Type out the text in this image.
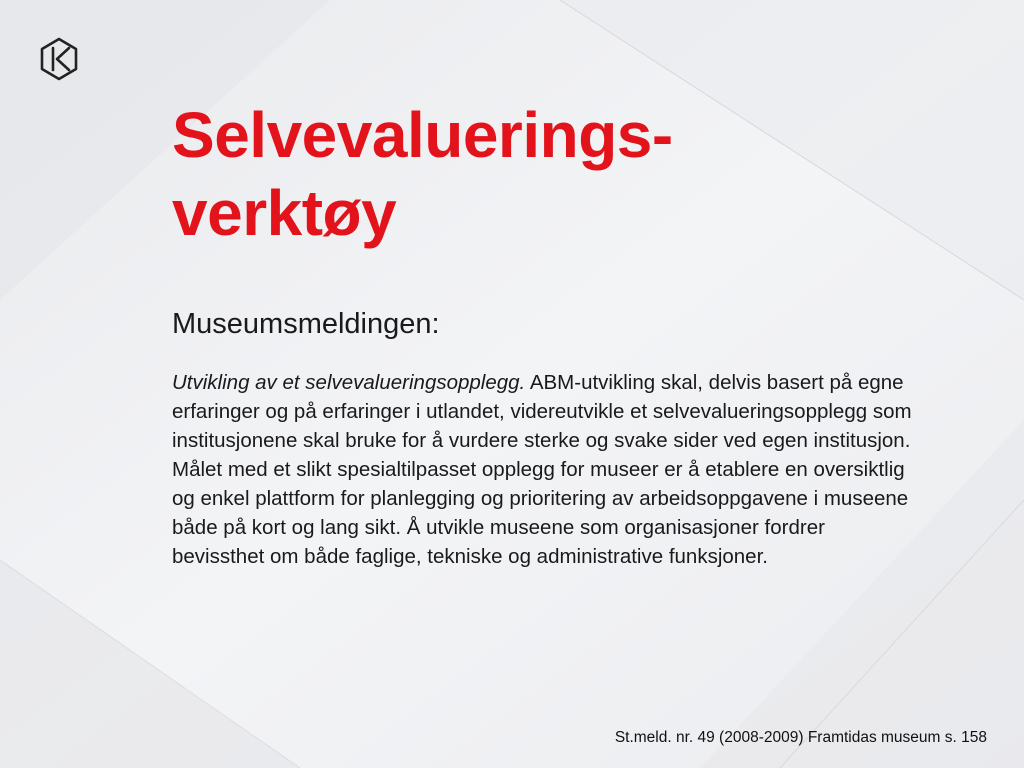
Selvevaluerings-
verktøy
Museumsmeldingen:

Utvikling av et selvevalueringsopplegg. ABM-utvikling skal, delvis basert på egne erfaringer og på erfaringer i utlandet, videreutvikle et selvevalueringsopplegg som institusjonene skal bruke for å vurdere sterke og svake sider ved egen institusjon. Målet med et slikt spesialtilpasset opplegg for museer er å etablere en oversiktlig og enkel plattform for planlegging og prioritering av arbeidsoppgavene i museene både på kort og lang sikt. Å utvikle museene som organisasjoner fordrer bevissthet om både faglige, tekniske og administrative funksjoner.

St.meld. nr. 49 (2008-2009) Framtidas museum s. 158
